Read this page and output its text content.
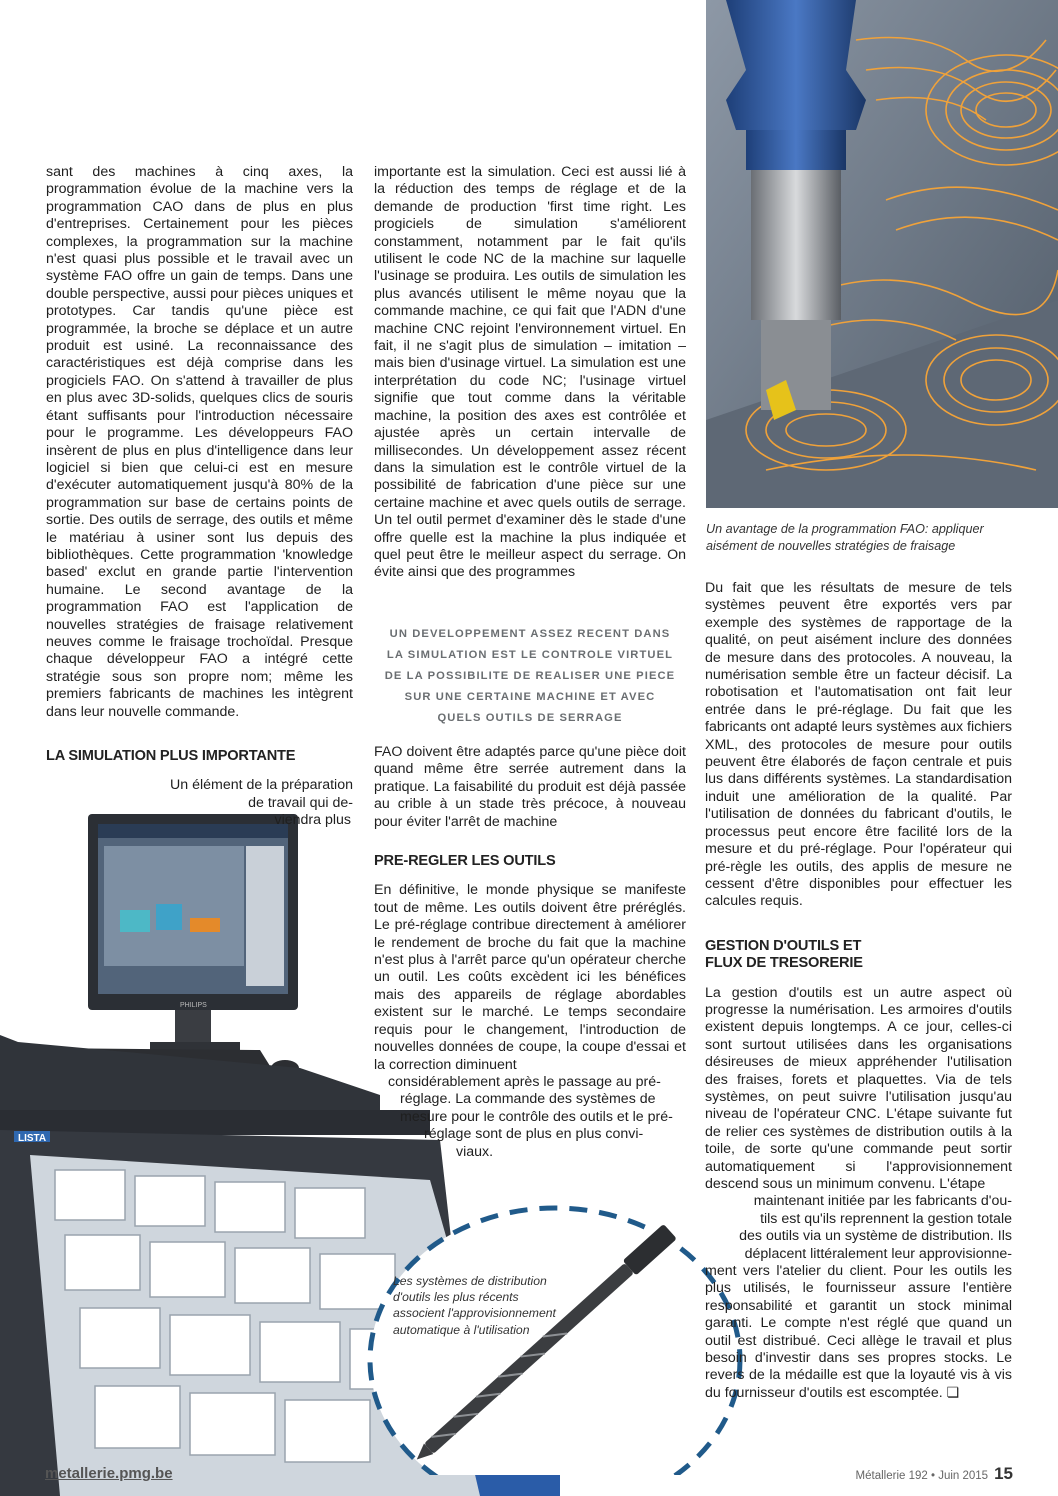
Un avantage de la programmation FAO: appliquer aisément de nouvelles stratégies de fraisage
PHILIPS
LISTA
Les systèmes de distribution d'outils les plus récents associent l'approvisionnement automatique à l'utilisation

sant des machines à cinq axes, la programmation évolue de la machine vers la programmation CAO dans de plus en plus d'entreprises. Certainement pour les pièces complexes, la programmation sur la machine n'est quasi plus possible et le travail avec un système FAO offre un gain de temps. Dans une double perspective, aussi pour pièces uniques et prototypes. Car tandis qu'une pièce est programmée, la broche se déplace et un autre produit est usiné. La reconnaissance des caractéristiques est déjà comprise dans les progiciels FAO. On s'attend à travailler de plus en plus avec 3D-solids, quelques clics de souris étant suffisants pour l'introduction nécessaire pour le programme. Les développeurs FAO insèrent de plus en plus d'intelligence dans leur logiciel si bien que celui-ci est en mesure d'exécuter automatiquement jusqu'à 80% de la programmation sur base de certains points de sortie. Des outils de serrage, des outils et même le matériau à usiner sont lus depuis des bibliothèques. Cette programmation 'knowledge based' exclut en grande partie l'intervention humaine. Le second avantage de la programmation FAO est l'application de nouvelles stratégies de fraisage relativement neuves comme le fraisage trochoïdal. Presque chaque développeur FAO a intégré cette stratégie sous son propre nom; même les premiers fabricants de machines les intègrent dans leur nouvelle commande.

LA SIMULATION PLUS IMPORTANTE
Un élément de la préparation
de travail qui de-
viendra plus

importante est la simulation. Ceci est aussi lié à la réduction des temps de réglage et de la demande de production 'first time right. Les progiciels de simulation s'améliorent constamment, notamment par le fait qu'ils utilisent le code NC de la machine sur laquelle l'usinage se produira. Les outils de simulation les plus avancés utilisent le même noyau que la commande machine, ce qui fait que l'ADN d'une machine CNC rejoint l'environnement virtuel. En fait, il ne s'agit plus de simulation – imitation – mais bien d'usinage virtuel. La simulation est une interprétation du code NC; l'usinage virtuel signifie que tout comme dans la véritable machine, la position des axes est contrôlée et ajustée après un certain intervalle de millisecondes. Un développement assez récent dans la simulation est le contrôle virtuel de la possibilité de fabrication d'une pièce sur une certaine machine et avec quels outils de serrage. Un tel outil permet d'examiner dès le stade d'une offre quelle est la machine la plus indiquée et quel peut être le meilleur aspect du serrage. On évite ainsi que des programmes

UN DEVELOPPEMENT ASSEZ RECENT DANS
LA SIMULATION EST LE CONTROLE VIRTUEL
DE LA POSSIBILITE DE REALISER UNE PIECE
SUR UNE CERTAINE MACHINE ET AVEC
QUELS OUTILS DE SERRAGE

FAO doivent être adaptés parce qu'une pièce doit quand même être serrée autrement dans la pratique. La faisabilité du produit est déjà passée au crible à un stade très précoce, à nouveau pour éviter l'arrêt de machine

PRE-REGLER LES OUTILS

En définitive, le monde physique se manifeste tout de même. Les outils doivent être préréglés. Le pré-réglage contribue directement à améliorer le rendement de broche du fait que la machine n'est plus à l'arrêt parce qu'un opérateur cherche un outil. Les coûts excèdent ici les bénéfices mais des appareils de réglage abordables existent sur le marché. Le temps secondaire requis pour le changement, l'introduction de nouvelles données de coupe, la coupe d'essai et la correction diminuent

considérablement après le passage au pré-
réglage. La commande des systèmes de
mesure pour le contrôle des outils et le pré-
réglage sont de plus en plus convi-
viaux.

Du fait que les résultats de mesure de tels systèmes peuvent être exportés vers par exemple des systèmes de rapportage de la qualité, on peut aisément inclure des données de mesure dans des protocoles. A nouveau, la numérisation semble être un facteur décisif. La robotisation et l'automatisation ont fait leur entrée dans le pré-réglage. Du fait que les fabricants ont adapté leurs systèmes aux fichiers XML, des protocoles de mesure pour outils peuvent être élaborés de façon centrale et puis lus dans différents systèmes. La standardisation induit une amélioration de la qualité. Par l'utilisation de données du fabricant d'outils, le processus peut encore être facilité lors de la mesure et du pré-réglage. Pour l'opérateur qui pré-règle les outils, des applis de mesure ne cessent d'être disponibles pour effectuer les calcules requis.

GESTION D'OUTILS ET
FLUX DE TRESORERIE

La gestion d'outils est un autre aspect où progresse la numérisation. Les armoires d'outils existent depuis longtemps. A ce jour, celles-ci sont surtout utilisées dans les organisations désireuses de mieux appréhender l'utilisation des fraises, forets et plaquettes. Via de tels systèmes, on peut suivre l'utilisation jusqu'au niveau de l'opérateur CNC. L'étape suivante fut de relier ces systèmes de distribution outils à la toile, de sorte qu'une commande peut sortir automatiquement si l'approvisionnement descend sous un minimum convenu. L'étape

maintenant initiée par les fabricants d'ou-
tils est qu'ils reprennent la gestion totale
des outils via un système de distribution. Ils
déplacent littéralement leur approvisionne-

ment vers l'atelier du client. Pour les outils les plus utilisés, le fournisseur assure l'entière responsabilité et garantit un stock minimal garanti. Le compte n'est réglé que quand un outil est distribué. Ceci allège le travail et plus besoin d'investir dans ses propres stocks. Le revers de la médaille est que la loyauté vis à vis du fournisseur d'outils est escomptée. ❏

metallerie.pmg.be	Métallerie 192 • Juin 2015 15
